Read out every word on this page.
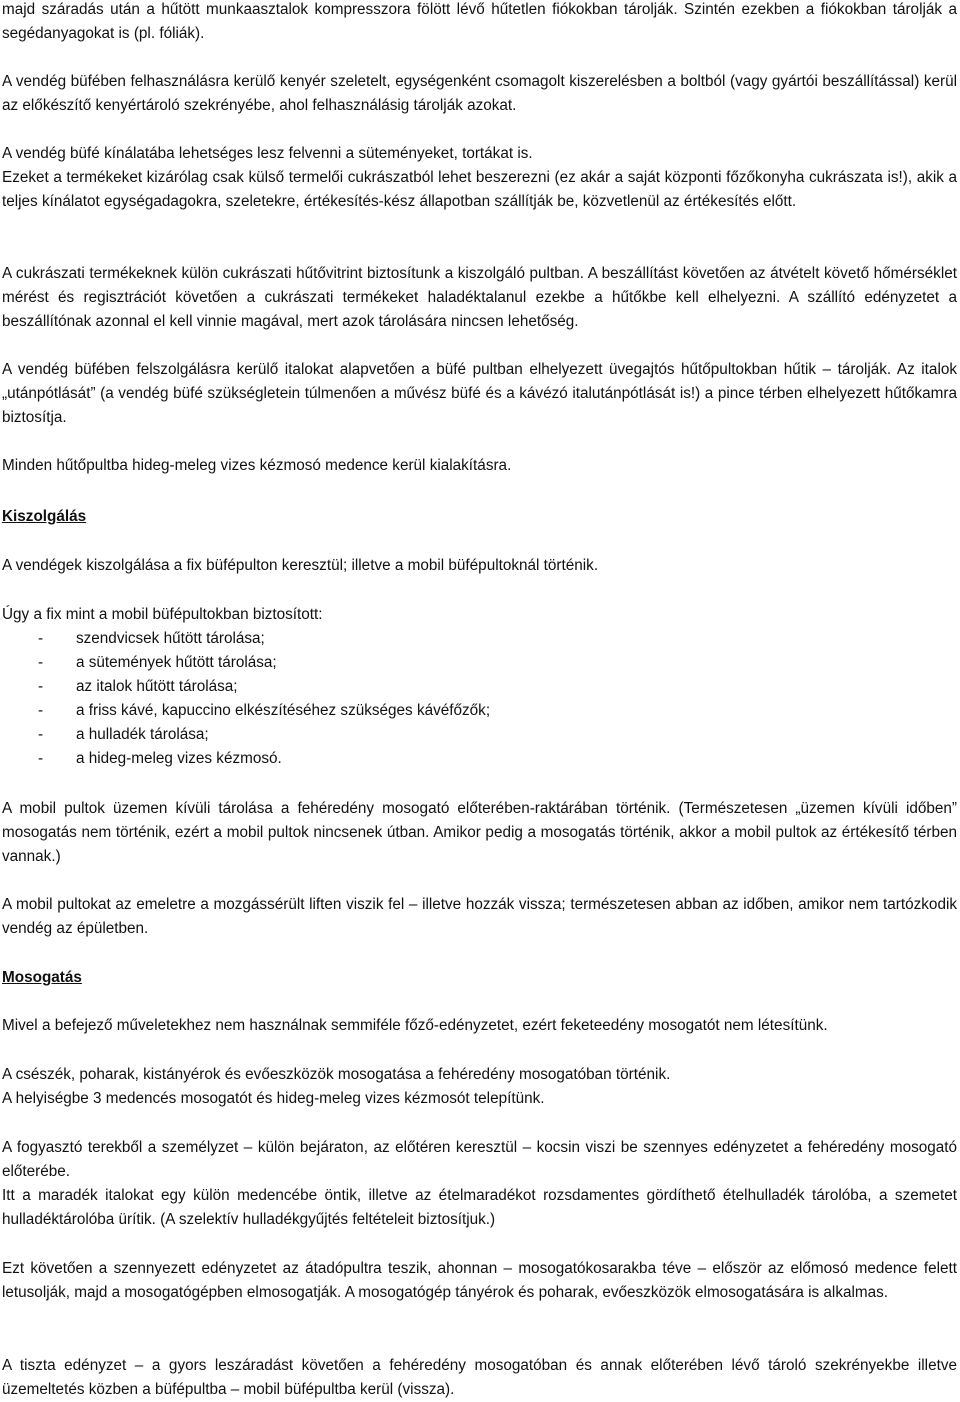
majd száradás után a hűtött munkaasztalok kompresszora fölött lévő hűtetlen fiókokban tárolják. Szintén ezekben a fiókokban tárolják a segédanyagokat is (pl. fóliák).

A vendég büfében felhasználásra kerülő kenyér szeletelt, egységenként csomagolt kiszerelésben a boltból (vagy gyártói beszállítással) kerül az előkészítő kenyértároló szekrényébe, ahol felhasználásig tárolják azokat.

A vendég büfé kínálatába lehetséges lesz felvenni a süteményeket, tortákat is.

Ezeket a termékeket kizárólag csak külső termelői cukrászatból lehet beszerezni (ez akár a saját központi főzőkonyha cukrászata is!), akik a teljes kínálatot egységadagokra, szeletekre, értékesítés-kész állapotban szállítják be, közvetlenül az értékesítés előtt.

A cukrászati termékeknek külön cukrászati hűtővitrint biztosítunk a kiszolgáló pultban. A beszállítást követően az átvételt követő hőmérséklet mérést és regisztrációt követően a cukrászati termékeket haladéktalanul ezekbe a hűtőkbe kell elhelyezni. A szállító edényzetet a beszállítónak azonnal el kell vinnie magával, mert azok tárolására nincsen lehetőség.

A vendég büfében felszolgálásra kerülő italokat alapvetően a büfé pultban elhelyezett üvegajtós hűtőpultokban hűtik – tárolják. Az italok „utánpótlását” (a vendég büfé szükségletein túlmenően a művész büfé és a kávézó italutánpótlását is!) a pince térben elhelyezett hűtőkamra biztosítja.

Minden hűtőpultba hideg-meleg vizes kézmosó medence kerül kialakításra.

Kiszolgálás

A vendégek kiszolgálása a fix büfépulton keresztül; illetve a mobil büfépultoknál történik.

Úgy a fix mint a mobil büfépultokban biztosított:

- szendvicsek hűtött tárolása;
- a sütemények hűtött tárolása;
- az italok hűtött tárolása;
- a friss kávé, kapuccino elkészítéséhez szükséges kávéfőzők;
- a hulladék tárolása;
- a hideg-meleg vizes kézmosó.

A mobil pultok üzemen kívüli tárolása a fehéredény mosogató előterében-raktárában történik. (Természetesen „üzemen kívüli időben” mosogatás nem történik, ezért a mobil pultok nincsenek útban. Amikor pedig a mosogatás történik, akkor a mobil pultok az értékesítő térben vannak.)

A mobil pultokat az emeletre a mozgássérült liften viszik fel – illetve hozzák vissza; természetesen abban az időben, amikor nem tartózkodik vendég az épületben.

Mosogatás

Mivel a befejező műveletekhez nem használnak semmiféle főző-edényzetet, ezért feketeedény mosogatót nem létesítünk.

A csészék, poharak, kistányérok és evőeszközök mosogatása a fehéredény mosogatóban történik.

A helyiségbe 3 medencés mosogatót és hideg-meleg vizes kézmosót telepítünk.

A fogyasztó terekből a személyzet – külön bejáraton, az előtéren keresztül – kocsin viszi be szennyes edényzetet a fehéredény mosogató előterébe.

Itt a maradék italokat egy külön medencébe öntik, illetve az ételmaradékot rozsdamentes gördíthető ételhulladék tárolóba, a szemetet hulladéktárolóba ürítik. (A szelektív hulladékgyűjtés feltételeit biztosítjuk.)

Ezt követően a szennyezett edényzetet az átadópultra teszik, ahonnan – mosogatókosarakba téve – először az előmosó medence felett letusolják, majd a mosogatógépben elmosogatják. A mosogatógép tányérok és poharak, evőeszközök elmosogatására is alkalmas.

A tiszta edényzet – a gyors leszáradást követően a fehéredény mosogatóban és annak előterében lévő tároló szekrényekbe illetve üzemeltetés közben a büfépultba – mobil büfépultba kerül (vissza).
